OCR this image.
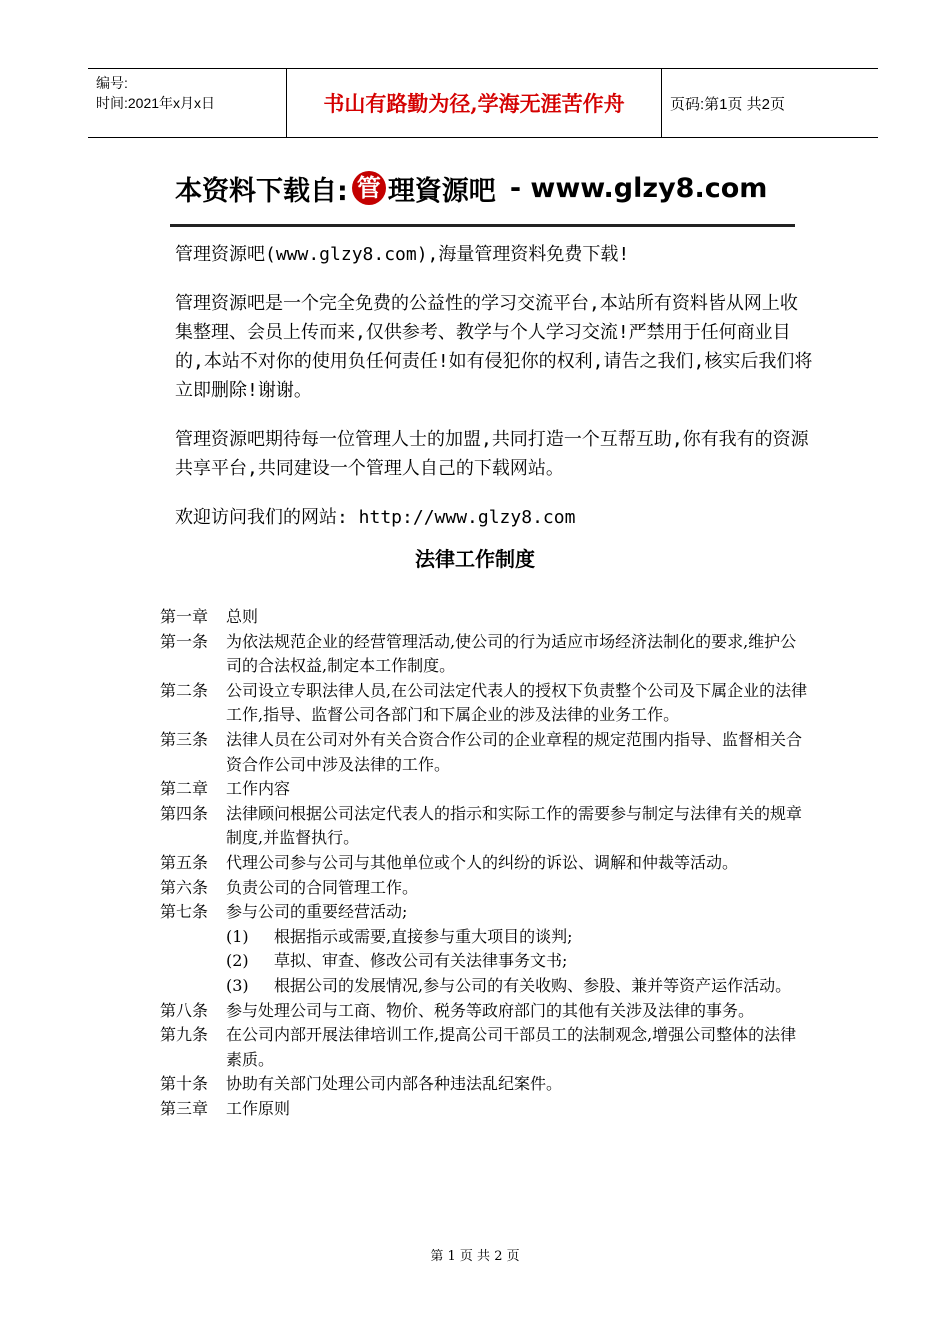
编号:
时间:2021年x月x日	书山有路勤为径,学海无涯苦作舟	页码:第1页 共2页
本资料下载自: 管 理資源吧 - www.glzy8.com

管理资源吧(www.glzy8.com),海量管理资料免费下载!

管理资源吧是一个完全免费的公益性的学习交流平台,本站所有资料皆从网上收集整理、会员上传而来,仅供参考、教学与个人学习交流!严禁用于任何商业目的,本站不对你的使用负任何责任!如有侵犯你的权利,请告之我们,核实后我们将立即删除!谢谢。

管理资源吧期待每一位管理人士的加盟,共同打造一个互帮互助,你有我有的资源共享平台,共同建设一个管理人自己的下载网站。

欢迎访问我们的网站: http://www.glzy8.com

法律工作制度
第一章	总则
第一条	为依法规范企业的经营管理活动,使公司的行为适应市场经济法制化的要求,维护公司的合法权益,制定本工作制度。
第二条	公司设立专职法律人员,在公司法定代表人的授权下负责整个公司及下属企业的法律工作,指导、监督公司各部门和下属企业的涉及法律的业务工作。
第三条	法律人员在公司对外有关合资合作公司的企业章程的规定范围内指导、监督相关合资合作公司中涉及法律的工作。
第二章	工作内容
第四条	法律顾问根据公司法定代表人的指示和实际工作的需要参与制定与法律有关的规章制度,并监督执行。
第五条	代理公司参与公司与其他单位或个人的纠纷的诉讼、调解和仲裁等活动。
第六条	负责公司的合同管理工作。
第七条	参与公司的重要经营活动;
(1)	根据指示或需要,直接参与重大项目的谈判;
(2)	草拟、审查、修改公司有关法律事务文书;
(3)	根据公司的发展情况,参与公司的有关收购、参股、兼并等资产运作活动。
第八条	参与处理公司与工商、物价、税务等政府部门的其他有关涉及法律的事务。
第九条	在公司内部开展法律培训工作,提高公司干部员工的法制观念,增强公司整体的法律素质。
第十条	协助有关部门处理公司内部各种违法乱纪案件。
第三章	工作原则
第 1 页 共 2 页
